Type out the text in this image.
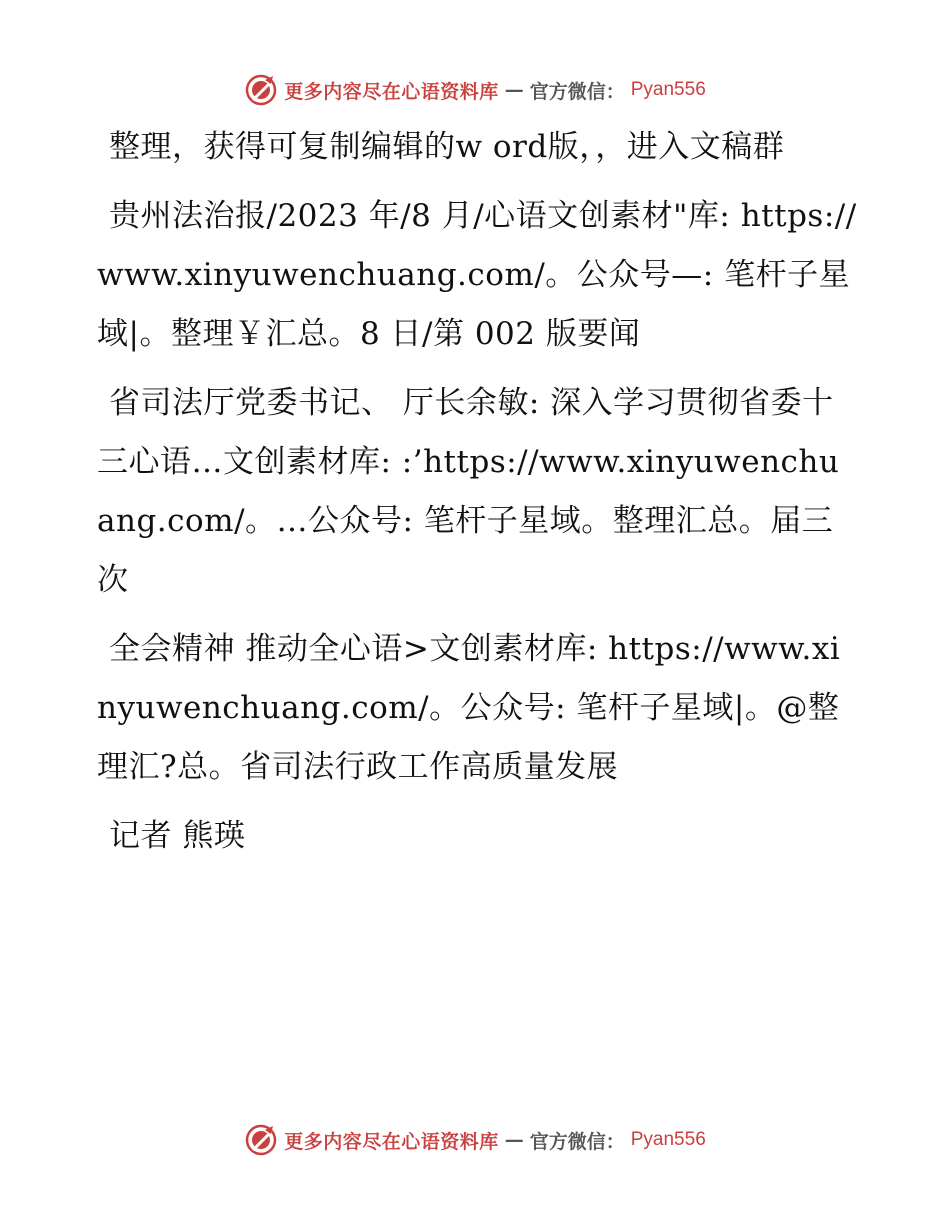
更多内容尽在心语资料库 — 官方微信： Pyan556

整理，获得可复制编辑的w ord版，，进入文稿群

贵州法治报/2023 年/8 月/心语文创素材"库: https://www.xinyuwenchuang.com/。公众号—: 笔杆子星域|。整理￥汇总。8 日/第 002 版要闻

省司法厅党委书记、 厅长余敏: 深入学习贯彻省委十三心语…文创素材库: :’https://www.xinyuwenchuang.com/。…公众号: 笔杆子星域。整理汇总。届三次

全会精神 推动全心语>文创素材库: https://www.xinyuwenchuang.com/。公众号: 笔杆子星域|。@整理汇?总。省司法行政工作高质量发展

记者 熊瑛

更多内容尽在心语资料库 — 官方微信： Pyan556
